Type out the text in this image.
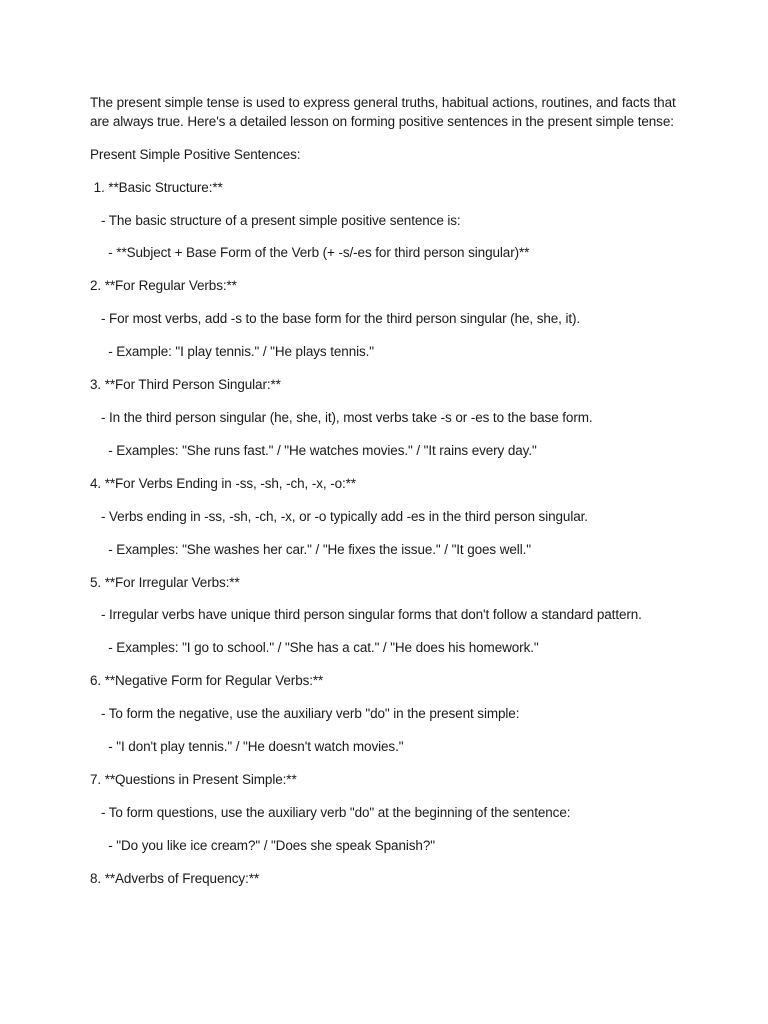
The present simple tense is used to express general truths, habitual actions, routines, and facts that are always true. Here's a detailed lesson on forming positive sentences in the present simple tense:
Present Simple Positive Sentences:
1. **Basic Structure:**
- The basic structure of a present simple positive sentence is:
- **Subject + Base Form of the Verb (+ -s/-es for third person singular)**
2. **For Regular Verbs:**
- For most verbs, add -s to the base form for the third person singular (he, she, it).
- Example: "I play tennis." / "He plays tennis."
3. **For Third Person Singular:**
- In the third person singular (he, she, it), most verbs take -s or -es to the base form.
- Examples: "She runs fast." / "He watches movies." / "It rains every day."
4. **For Verbs Ending in -ss, -sh, -ch, -x, -o:**
- Verbs ending in -ss, -sh, -ch, -x, or -o typically add -es in the third person singular.
- Examples: "She washes her car." / "He fixes the issue." / "It goes well."
5. **For Irregular Verbs:**
- Irregular verbs have unique third person singular forms that don't follow a standard pattern.
- Examples: "I go to school." / "She has a cat." / "He does his homework."
6. **Negative Form for Regular Verbs:**
- To form the negative, use the auxiliary verb "do" in the present simple:
- "I don't play tennis." / "He doesn't watch movies."
7. **Questions in Present Simple:**
- To form questions, use the auxiliary verb "do" at the beginning of the sentence:
- "Do you like ice cream?" / "Does she speak Spanish?"
8. **Adverbs of Frequency:**
